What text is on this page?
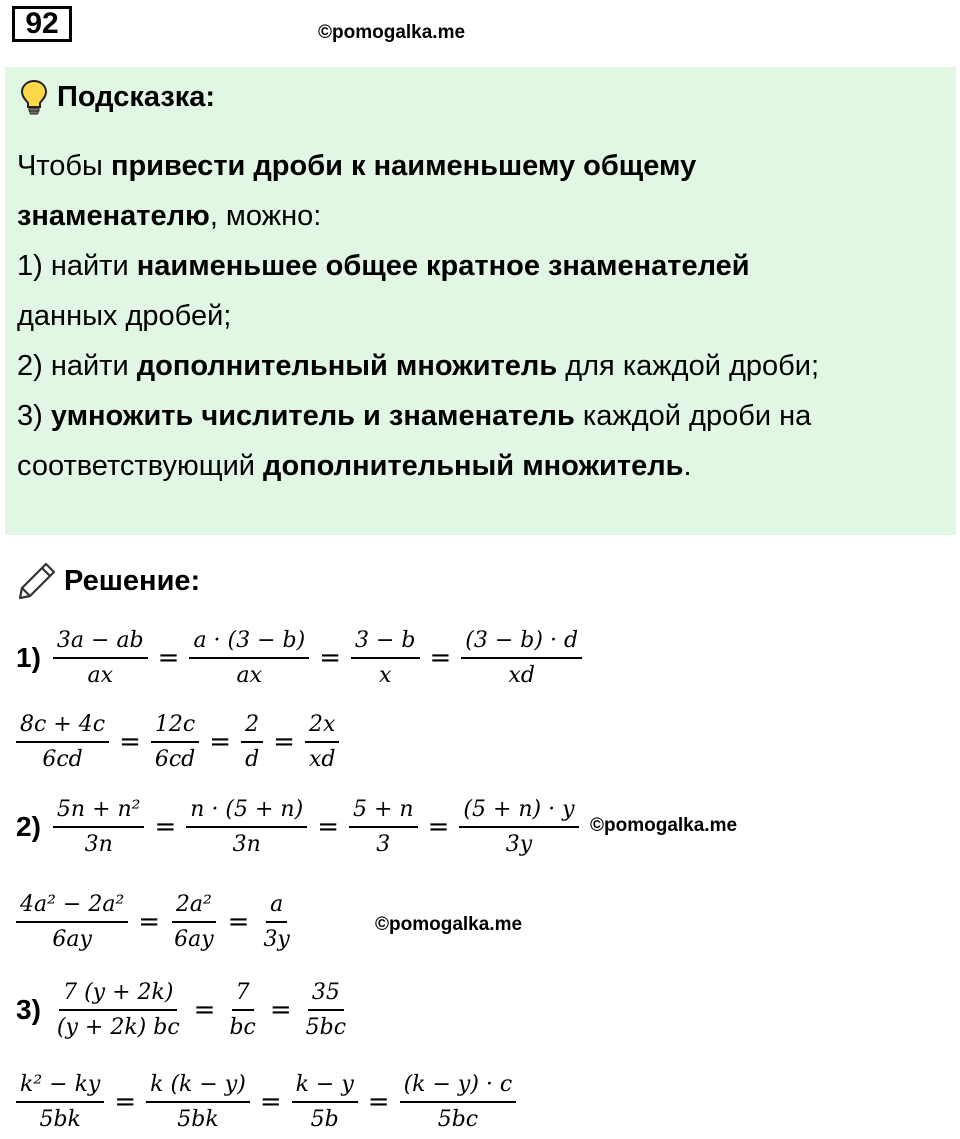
92	©pomogalka.me
Подсказка:

Чтобы привести дроби к наименьшему общему

знаменателю, можно:

1) найти наименьшее общее кратное знаменателей

данных дробей;

2) найти дополнительный множитель для каждой дроби;

3) умножить числитель и знаменатель каждой дроби на

соответствующий дополнительный множитель.

Решение:
$1) \frac{3a - ab}{ax} = \frac{a \cdot (3 - b)}{ax} = \frac{3 - b}{x} = \frac{(3 - b) \cdot d}{xd}$
$\frac{8c + 4c}{6cd} = \frac{12c}{6cd} = \frac{2}{d} = \frac{2x}{xd}$
$2) \frac{\text{5n + n²}}{3n} = \frac{n \cdot (5 + n)}{3n} = \frac{5 + n}{3} = \frac{(5 + n) \cdot y}{3y}$
$\frac{\text{4a² − 2a²}}{6ay} = \frac{\text{2a²}}{6ay} = \frac{a}{3y}$
$3) \frac{7 (y + 2k)}{(y + 2k) bc} = \frac{7}{bc} = \frac{35}{5bc}$
$\frac{\text{k² − ky}}{5bk} = \frac{k (k - y)}{5bk} = \frac{k - y}{5b} = \frac{(k - y) \cdot c}{5bc}$
©pomogalka.me
©pomogalka.me
